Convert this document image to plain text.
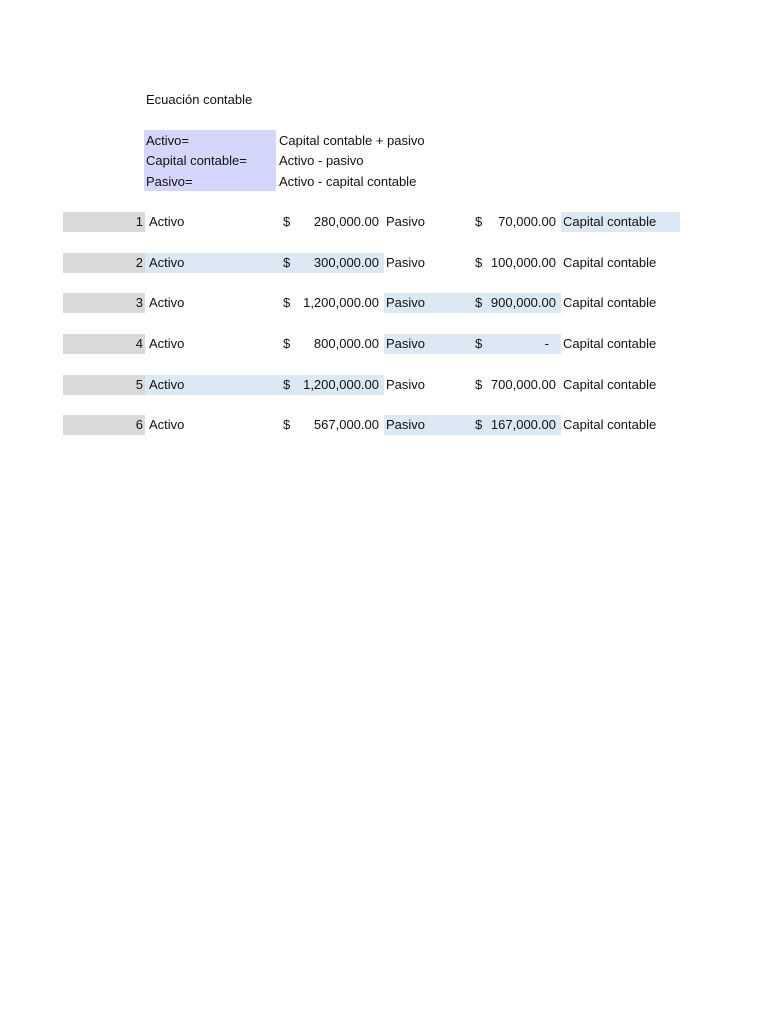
Ecuación contable
Activo=	Capital contable + pasivo
Capital contable= Activo - pasivo
Pasivo=	Activo - capital contable
1 Activo	$ 280,000.00 Pasivo	$ 70,000.00 Capital contable
2 Activo	$ 300,000.00 Pasivo	$ 100,000.00 Capital contable
3 Activo	$ 1,200,000.00 Pasivo	$ 900,000.00 Capital contable
4 Activo	$ 800,000.00 Pasivo	$	- Capital contable
5 Activo	$ 1,200,000.00 Pasivo	$ 700,000.00 Capital contable
6 Activo	$ 567,000.00 Pasivo	$ 167,000.00 Capital contable
